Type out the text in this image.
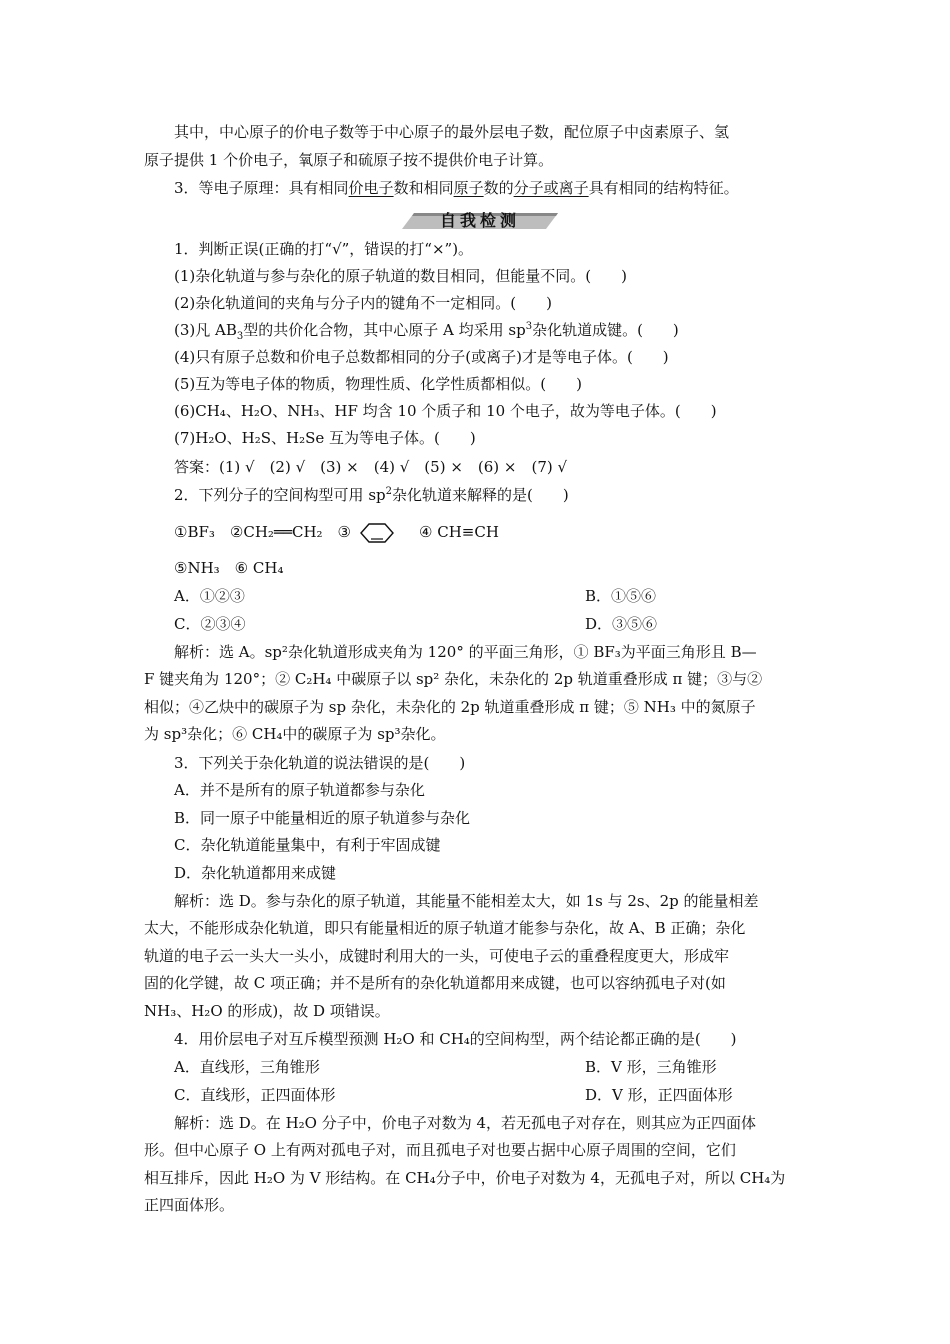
其中，中心原子的价电子数等于中心原子的最外层电子数，配位原子中卤素原子、氢
原子提供 1 个价电子，氧原子和硫原子按不提供价电子计算。
3．等电子原理：具有相同价电子数和相同原子数的分子或离子具有相同的结构特征。
自我检测
1．判断正误(正确的打“√”，错误的打“×”)。
(1)杂化轨道与参与杂化的原子轨道的数目相同，但能量不同。(　　)
(2)杂化轨道间的夹角与分子内的键角不一定相同。(　　)
(3)凡 $AB_3$型的共价化合物，其中心原子 A 均采用 $sp^3$杂化轨道成键。(　　)
(4)只有原子总数和价电子总数都相同的分子(或离子)才是等电子体。(　　)
(5)互为等电子体的物质，物理性质、化学性质都相似。(　　)
(6)CH₄、H₂O、NH₃、HF 均含 10 个质子和 10 个电子，故为等电子体。(　　)
(7)H₂O、H₂S、H₂Se 互为等电子体。(　　)
答案：(1) √　(2) √　(3) ×　(4) √　(5) ×　(6) ×　(7) √
2．下列分子的空间构型可用 $sp^2$杂化轨道来解释的是(　　)
①BF₃　②CH₂══CH₂　③	④ CH≡CH
⑤NH₃　⑥ CH₄
A．①②③	B．①⑤⑥
C．②③④	D．③⑤⑥
解析：选 A。sp²杂化轨道形成夹角为 120° 的平面三角形，① BF₃为平面三角形且 B—
F 键夹角为 120°；② C₂H₄ 中碳原子以 sp² 杂化，未杂化的 2p 轨道重叠形成 π 键；③与②
相似；④乙炔中的碳原子为 sp 杂化，未杂化的 2p 轨道重叠形成 π 键；⑤ NH₃ 中的氮原子
为 sp³杂化；⑥ CH₄中的碳原子为 sp³杂化。
3．下列关于杂化轨道的说法错误的是(　　)
A．并不是所有的原子轨道都参与杂化
B．同一原子中能量相近的原子轨道参与杂化
C．杂化轨道能量集中，有利于牢固成键
D．杂化轨道都用来成键
解析：选 D。参与杂化的原子轨道，其能量不能相差太大，如 1s 与 2s、2p 的能量相差
太大，不能形成杂化轨道，即只有能量相近的原子轨道才能参与杂化，故 A、B 正确；杂化
轨道的电子云一头大一头小，成键时利用大的一头，可使电子云的重叠程度更大，形成牢
固的化学键，故 C 项正确；并不是所有的杂化轨道都用来成键，也可以容纳孤电子对(如
NH₃、H₂O 的形成)，故 D 项错误。
4．用价层电子对互斥模型预测 H₂O 和 CH₄的空间构型，两个结论都正确的是(　　)
A．直线形，三角锥形	B．V 形，三角锥形
C．直线形，正四面体形	D．V 形，正四面体形
解析：选 D。在 H₂O 分子中，价电子对数为 4，若无孤电子对存在，则其应为正四面体
形。但中心原子 O 上有两对孤电子对，而且孤电子对也要占据中心原子周围的空间，它们
相互排斥，因此 H₂O 为 V 形结构。在 CH₄分子中，价电子对数为 4，无孤电子对，所以 CH₄为
正四面体形。
